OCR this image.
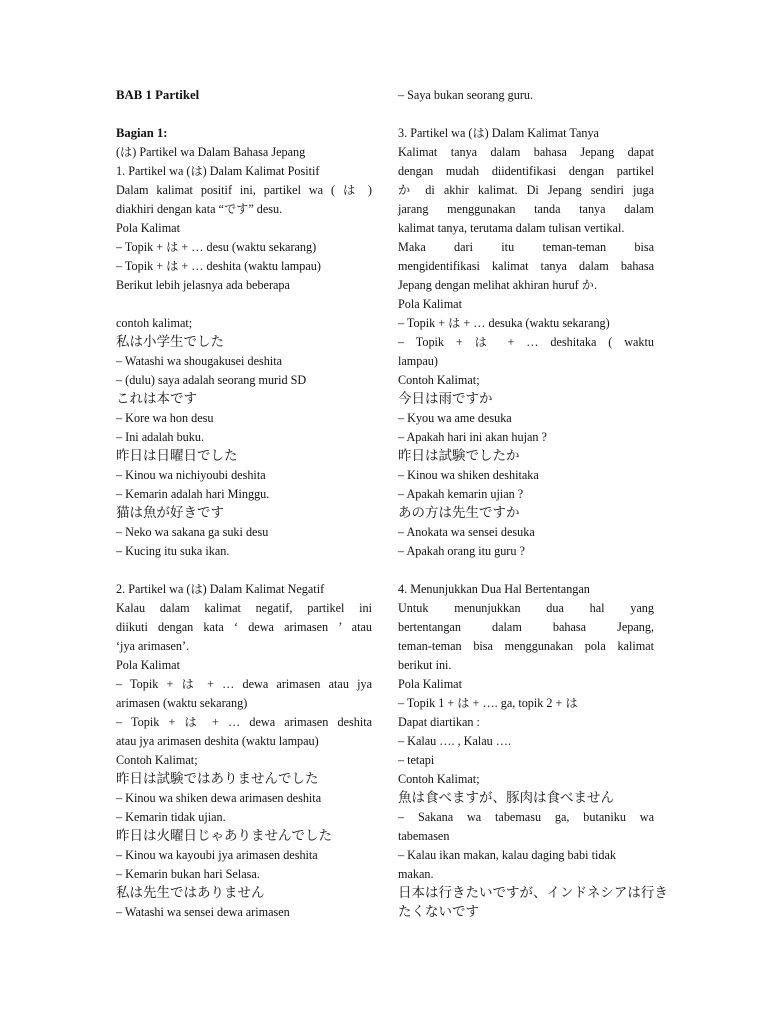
BAB 1 Partikel
Bagian 1:
(は) Partikel wa Dalam Bahasa Jepang
1. Partikel wa (は) Dalam Kalimat Positif
Dalam kalimat positif ini, partikel wa ( は )
diakhiri dengan kata “です” desu.
Pola Kalimat
– Topik + は + … desu (waktu sekarang)
– Topik + は + … deshita (waktu lampau)
Berikut lebih jelasnya ada beberapa
contoh kalimat;
私は小学生でした
– Watashi wa shougakusei deshita
– (dulu) saya adalah seorang murid SD
これは本です
– Kore wa hon desu
– Ini adalah buku.
昨日は日曜日でした
– Kinou wa nichiyoubi deshita
– Kemarin adalah hari Minggu.
猫は魚が好きです
– Neko wa sakana ga suki desu
– Kucing itu suka ikan.
2. Partikel wa (は) Dalam Kalimat Negatif
Kalau dalam kalimat negatif, partikel ini
diikuti dengan kata ‘ dewa arimasen ’ atau
‘jya arimasen’.
Pola Kalimat
– Topik + は + … dewa arimasen atau jya
arimasen (waktu sekarang)
– Topik + は + … dewa arimasen deshita
atau jya arimasen deshita (waktu lampau)
Contoh Kalimat;
昨日は試験ではありませんでした
– Kinou wa shiken dewa arimasen deshita
– Kemarin tidak ujian.
昨日は火曜日じゃありませんでした
– Kinou wa kayoubi jya arimasen deshita
– Kemarin bukan hari Selasa.
私は先生ではありません
– Watashi wa sensei dewa arimasen
– Saya bukan seorang guru.
3. Partikel wa (は) Dalam Kalimat Tanya
Kalimat tanya dalam bahasa Jepang dapat
dengan mudah diidentifikasi dengan partikel
か di akhir kalimat. Di Jepang sendiri juga
jarang menggunakan tanda tanya dalam
kalimat tanya, terutama dalam tulisan vertikal.
Maka dari itu teman-teman bisa
mengidentifikasi kalimat tanya dalam bahasa
Jepang dengan melihat akhiran huruf か.
Pola Kalimat
– Topik + は + … desuka (waktu sekarang)
– Topik + は + … deshitaka ( waktu
lampau)
Contoh Kalimat;
今日は雨ですか
– Kyou wa ame desuka
– Apakah hari ini akan hujan ?
昨日は試験でしたか
– Kinou wa shiken deshitaka
– Apakah kemarin ujian ?
あの方は先生ですか
– Anokata wa sensei desuka
– Apakah orang itu guru ?
4. Menunjukkan Dua Hal Bertentangan
Untuk menunjukkan dua hal yang
bertentangan dalam bahasa Jepang,
teman-teman bisa menggunakan pola kalimat
berikut ini.
Pola Kalimat
– Topik 1 + は + …. ga, topik 2 + は
Dapat diartikan :
– Kalau …. , Kalau ….
– tetapi
Contoh Kalimat;
魚は食べますが、豚肉は食べません
– Sakana wa tabemasu ga, butaniku wa
tabemasen
– Kalau ikan makan, kalau daging babi tidak
makan.
日本は行きたいですが、インドネシアは行き
たくないです
